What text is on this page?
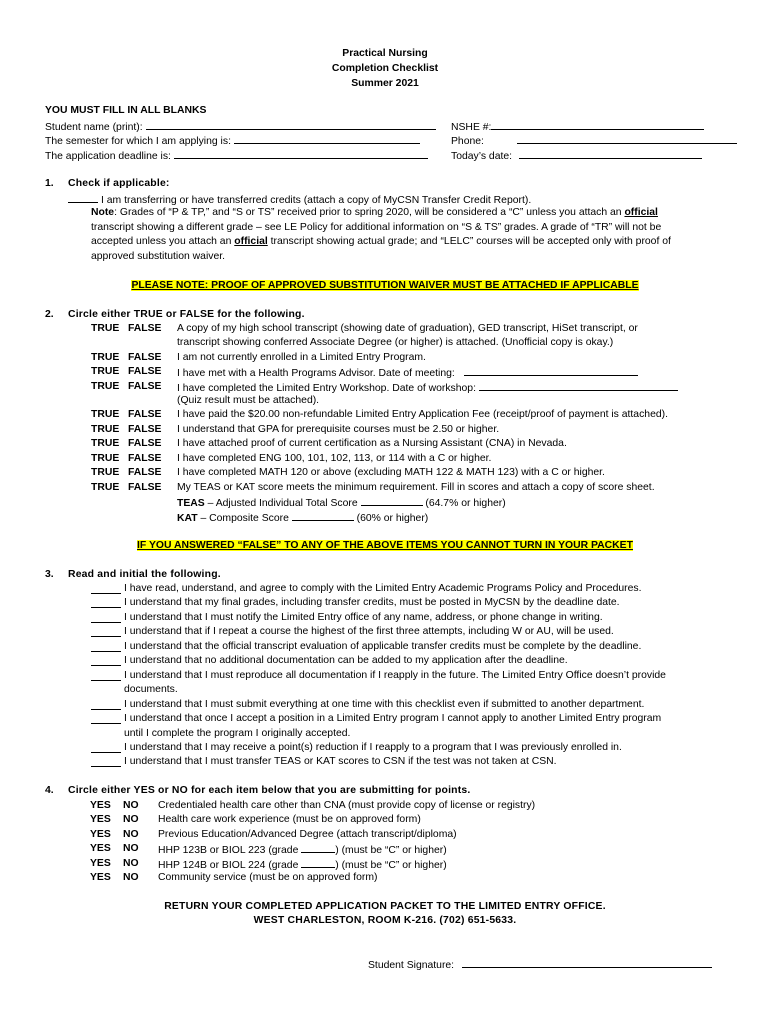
Practical Nursing
Completion Checklist
Summer 2021
YOU MUST FILL IN ALL BLANKS
Student name (print):
The semester for which I am applying is:
The application deadline is:
NSHE #:
Phone:
Today’s date:
1. Check if applicable:
I am transferring or have transferred credits (attach a copy of MyCSN Transfer Credit Report).
Note: Grades of “P & TP,” and “S or TS” received prior to spring 2020, will be considered a “C” unless you attach an official
transcript showing a different grade – see LE Policy for additional information on “S & TS” grades. A grade of “TR” will not be
accepted unless you attach an official transcript showing actual grade; and “LELC” courses will be accepted only with proof of
approved substitution waiver.
PLEASE NOTE: PROOF OF APPROVED SUBSTITUTION WAIVER MUST BE ATTACHED IF APPLICABLE
2. Circle either TRUE or FALSE for the following.
TRUE FALSE A copy of my high school transcript (showing date of graduation), GED transcript, HiSet transcript, or
transcript showing conferred Associate Degree (or higher) is attached. (Unofficial copy is okay.)
TRUE FALSE I am not currently enrolled in a Limited Entry Program.
TRUE FALSE I have met with a Health Programs Advisor. Date of meeting:
TRUE FALSE I have completed the Limited Entry Workshop. Date of workshop:
(Quiz result must be attached).
TRUE FALSE I have paid the $20.00 non-refundable Limited Entry Application Fee (receipt/proof of payment is attached).
TRUE FALSE I understand that GPA for prerequisite courses must be 2.50 or higher.
TRUE FALSE I have attached proof of current certification as a Nursing Assistant (CNA) in Nevada.
TRUE FALSE I have completed ENG 100, 101, 102, 113, or 114 with a C or higher.
TRUE FALSE I have completed MATH 120 or above (excluding MATH 122 & MATH 123) with a C or higher.
TRUE FALSE My TEAS or KAT score meets the minimum requirement. Fill in scores and attach a copy of score sheet.
TEAS – Adjusted Individual Total Score	(64.7% or higher)
KAT – Composite Score	(60% or higher)
IF YOU ANSWERED “FALSE” TO ANY OF THE ABOVE ITEMS YOU CANNOT TURN IN YOUR PACKET
3. Read and initial the following.
I have read, understand, and agree to comply with the Limited Entry Academic Programs Policy and Procedures.
I understand that my final grades, including transfer credits, must be posted in MyCSN by the deadline date.
I understand that I must notify the Limited Entry office of any name, address, or phone change in writing.
I understand that if I repeat a course the highest of the first three attempts, including W or AU, will be used.
I understand that the official transcript evaluation of applicable transfer credits must be complete by the deadline.
I understand that no additional documentation can be added to my application after the deadline.
I understand that I must reproduce all documentation if I reapply in the future. The Limited Entry Office doesn’t provide
documents.
I understand that I must submit everything at one time with this checklist even if submitted to another department.
I understand that once I accept a position in a Limited Entry program I cannot apply to another Limited Entry program
until I complete the program I originally accepted.
I understand that I may receive a point(s) reduction if I reapply to a program that I was previously enrolled in.
I understand that I must transfer TEAS or KAT scores to CSN if the test was not taken at CSN.
4. Circle either YES or NO for each item below that you are submitting for points.
YES NO Credentialed health care other than CNA (must provide copy of license or registry)
YES NO Health care work experience (must be on approved form)
YES NO Previous Education/Advanced Degree (attach transcript/diploma)
YES NO HHP 123B or BIOL 223 (grade	) (must be “C” or higher)
YES NO HHP 124B or BIOL 224 (grade	) (must be “C” or higher)
YES NO Community service (must be on approved form)
RETURN YOUR COMPLETED APPLICATION PACKET TO THE LIMITED ENTRY OFFICE.
WEST CHARLESTON, ROOM K-216. (702) 651-5633.
Student Signature:
